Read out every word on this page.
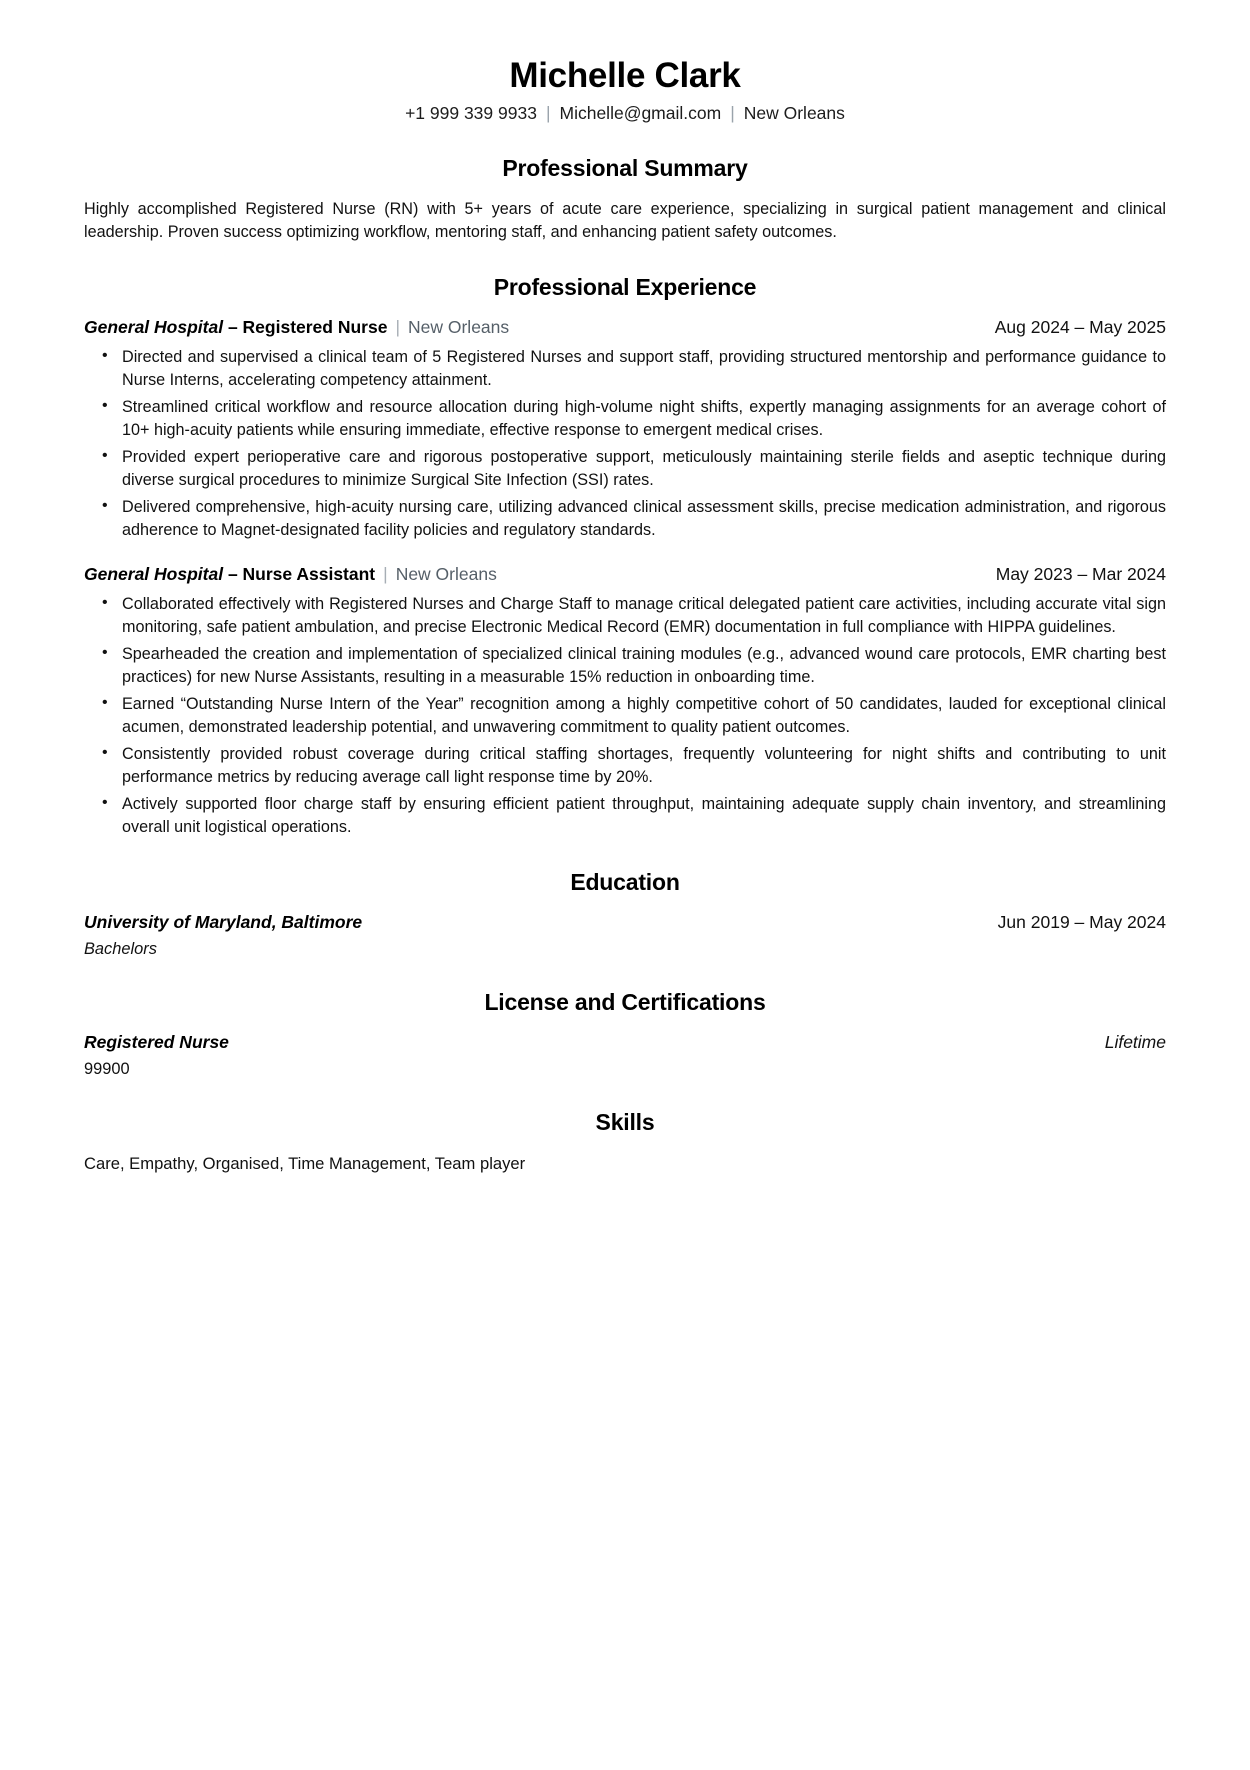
Michelle Clark
+1 999 339 9933 | Michelle@gmail.com | New Orleans
Professional Summary

Highly accomplished Registered Nurse (RN) with 5+ years of acute care experience, specializing in surgical patient management and clinical leadership. Proven success optimizing workflow, mentoring staff, and enhancing patient safety outcomes.

Professional Experience
General Hospital – Registered Nurse | New Orleans	Aug 2024 – May 2025
• Directed and supervised a clinical team of 5 Registered Nurses and support staff, providing structured mentorship and performance guidance to Nurse Interns, accelerating competency attainment.
• Streamlined critical workflow and resource allocation during high-volume night shifts, expertly managing assignments for an average cohort of 10+ high-acuity patients while ensuring immediate, effective response to emergent medical crises.
• Provided expert perioperative care and rigorous postoperative support, meticulously maintaining sterile fields and aseptic technique during diverse surgical procedures to minimize Surgical Site Infection (SSI) rates.
• Delivered comprehensive, high-acuity nursing care, utilizing advanced clinical assessment skills, precise medication administration, and rigorous adherence to Magnet-designated facility policies and regulatory standards.
General Hospital – Nurse Assistant | New Orleans	May 2023 – Mar 2024
• Collaborated effectively with Registered Nurses and Charge Staff to manage critical delegated patient care activities, including accurate vital sign monitoring, safe patient ambulation, and precise Electronic Medical Record (EMR) documentation in full compliance with HIPPA guidelines.
• Spearheaded the creation and implementation of specialized clinical training modules (e.g., advanced wound care protocols, EMR charting best practices) for new Nurse Assistants, resulting in a measurable 15% reduction in onboarding time.
• Earned “Outstanding Nurse Intern of the Year” recognition among a highly competitive cohort of 50 candidates, lauded for exceptional clinical acumen, demonstrated leadership potential, and unwavering commitment to quality patient outcomes.
• Consistently provided robust coverage during critical staffing shortages, frequently volunteering for night shifts and contributing to unit performance metrics by reducing average call light response time by 20%.
• Actively supported floor charge staff by ensuring efficient patient throughput, maintaining adequate supply chain inventory, and streamlining overall unit logistical operations.
Education
University of Maryland, Baltimore	Jun 2019 – May 2024
Bachelors
License and Certifications
Registered Nurse	Lifetime
99900
Skills
Care, Empathy, Organised, Time Management, Team player
